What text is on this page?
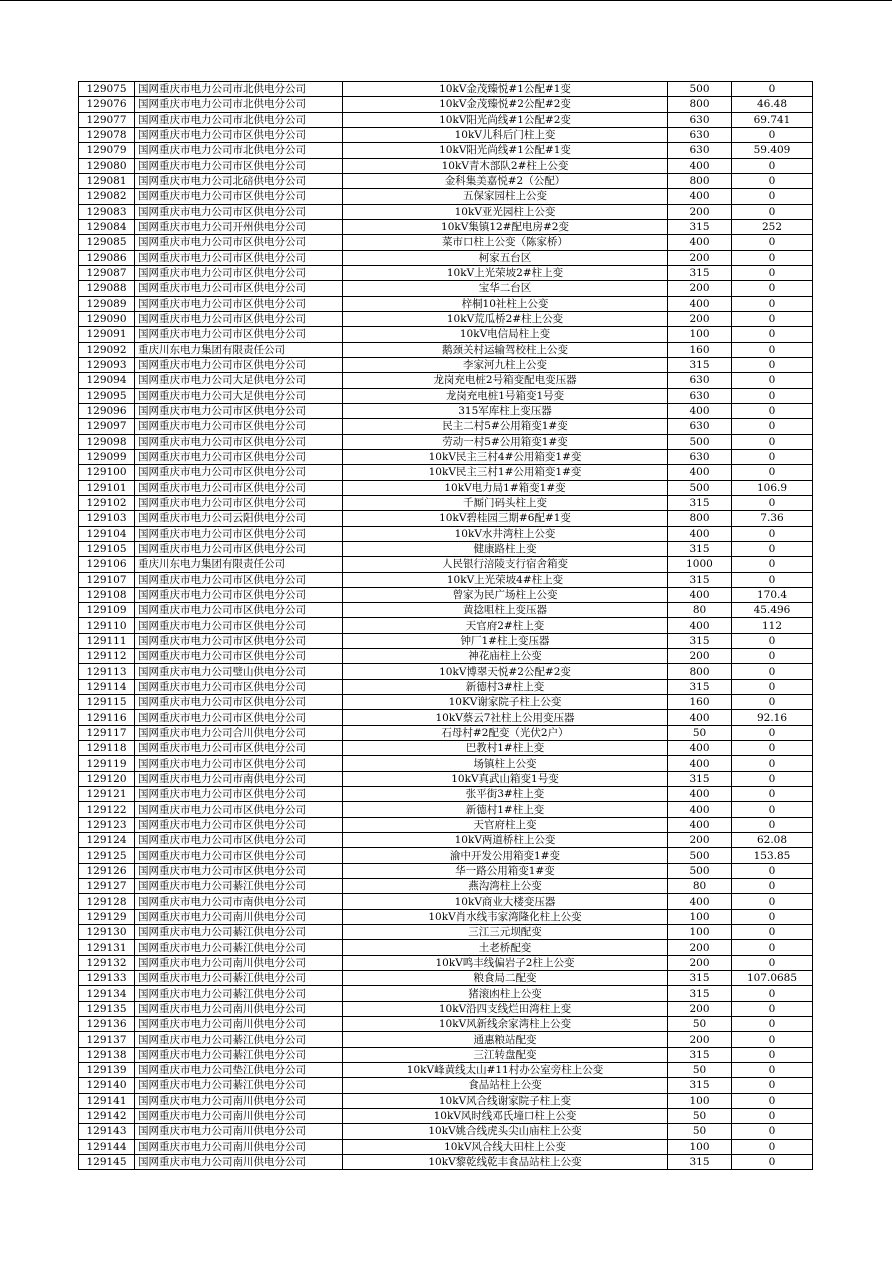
129075	国网重庆市电力公司市北供电分公司	10kV金茂臻悦#1公配#1变	500	0
129076	国网重庆市电力公司市北供电分公司	10kV金茂臻悦#2公配#2变	800	46.48
129077	国网重庆市电力公司市北供电分公司	10kV阳光尚线#1公配#2变	630	69.741
129078	国网重庆市电力公司市区供电分公司	10kV儿科后门柱上变	630	0
129079	国网重庆市电力公司市北供电分公司	10kV阳光尚线#1公配#1变	630	59.409
129080	国网重庆市电力公司市区供电分公司	10kV青木部队2#柱上公变	400	0
129081	国网重庆市电力公司北碚供电分公司	金科集美嘉悦#2（公配）	800	0
129082	国网重庆市电力公司市区供电分公司	五保家园柱上公变	400	0
129083	国网重庆市电力公司市区供电分公司	10kV亚光园柱上公变	200	0
129084	国网重庆市电力公司开州供电分公司	10kV集镇12#配电房#2变	315	252
129085	国网重庆市电力公司市区供电分公司	菜市口柱上公变（陈家桥）	400	0
129086	国网重庆市电力公司市区供电分公司	柯家五台区	200	0
129087	国网重庆市电力公司市区供电分公司	10kV上光荣坡2#柱上变	315	0
129088	国网重庆市电力公司市区供电分公司	宝华二台区	200	0
129089	国网重庆市电力公司市区供电分公司	梓桐10社柱上公变	400	0
129090	国网重庆市电力公司市区供电分公司	10kV荒瓜桥2#柱上公变	200	0
129091	国网重庆市电力公司市区供电分公司	10kV电信局柱上变	100	0
129092	重庆川东电力集团有限责任公司	鹅颈关村运输驾校柱上公变	160	0
129093	国网重庆市电力公司市区供电分公司	李家河九柱上公变	315	0
129094	国网重庆市电力公司大足供电分公司	龙岗充电桩2号箱变配电变压器	630	0
129095	国网重庆市电力公司大足供电分公司	龙岗充电桩1号箱变1号变	630	0
129096	国网重庆市电力公司市区供电分公司	315军库柱上变压器	400	0
129097	国网重庆市电力公司市区供电分公司	民主二村5#公用箱变1#变	630	0
129098	国网重庆市电力公司市区供电分公司	劳动一村5#公用箱变1#变	500	0
129099	国网重庆市电力公司市区供电分公司	10kV民主三村4#公用箱变1#变	630	0
129100	国网重庆市电力公司市区供电分公司	10kV民主三村1#公用箱变1#变	400	0
129101	国网重庆市电力公司市区供电分公司	10kV电力局1#箱变1#变	500	106.9
129102	国网重庆市电力公司市区供电分公司	千厮门码头柱上变	315	0
129103	国网重庆市电力公司云阳供电分公司	10kV碧桂园三期#6配#1变	800	7.36
129104	国网重庆市电力公司市区供电分公司	10kV水井湾柱上公变	400	0
129105	国网重庆市电力公司市区供电分公司	健康路柱上变	315	0
129106	重庆川东电力集团有限责任公司	人民银行涪陵支行宿舍箱变	1000	0
129107	国网重庆市电力公司市区供电分公司	10kV上光荣坡4#柱上变	315	0
129108	国网重庆市电力公司市区供电分公司	曾家为民广场柱上公变	400	170.4
129109	国网重庆市电力公司市区供电分公司	黄捻咀柱上变压器	80	45.496
129110	国网重庆市电力公司市区供电分公司	天官府2#柱上变	400	112
129111	国网重庆市电力公司市区供电分公司	钟厂1#柱上变压器	315	0
129112	国网重庆市电力公司市区供电分公司	神花庙柱上公变	200	0
129113	国网重庆市电力公司璧山供电分公司	10kV博翠天悦#2公配#2变	800	0
129114	国网重庆市电力公司市区供电分公司	新德村3#柱上变	315	0
129115	国网重庆市电力公司市区供电分公司	10KV谢家院子柱上公变	160	0
129116	国网重庆市电力公司市区供电分公司	10kV蔡云7社柱上公用变压器	400	92.16
129117	国网重庆市电力公司合川供电分公司	石母村#2配变（光伏2户）	50	0
129118	国网重庆市电力公司市区供电分公司	巴教村1#柱上变	400	0
129119	国网重庆市电力公司市区供电分公司	场镇柱上公变	400	0
129120	国网重庆市电力公司市南供电分公司	10kV真武山箱变1号变	315	0
129121	国网重庆市电力公司市区供电分公司	张平街3#柱上变	400	0
129122	国网重庆市电力公司市区供电分公司	新德村1#柱上变	400	0
129123	国网重庆市电力公司市区供电分公司	天官府柱上变	400	0
129124	国网重庆市电力公司市区供电分公司	10kV两道桥柱上公变	200	62.08
129125	国网重庆市电力公司市区供电分公司	渝中开发公用箱变1#变	500	153.85
129126	国网重庆市电力公司市区供电分公司	华一路公用箱变1#变	500	0
129127	国网重庆市电力公司綦江供电分公司	燕沟湾柱上公变	80	0
129128	国网重庆市电力公司市南供电分公司	10kV商业大楼变压器	400	0
129129	国网重庆市电力公司南川供电分公司	10kV肖水线韦家湾隆化柱上公变	100	0
129130	国网重庆市电力公司綦江供电分公司	三江三元坝配变	100	0
129131	国网重庆市电力公司綦江供电分公司	土老桥配变	200	0
129132	国网重庆市电力公司南川供电分公司	10kV鸣丰线偏岩子2柱上公变	200	0
129133	国网重庆市电力公司綦江供电分公司	粮食局二配变	315	107.0685
129134	国网重庆市电力公司綦江供电分公司	猪滚凼柱上公变	315	0
129135	国网重庆市电力公司南川供电分公司	10kV沿四支线烂田湾柱上变	200	0
129136	国网重庆市电力公司南川供电分公司	10kV风新线余家湾柱上公变	50	0
129137	国网重庆市电力公司綦江供电分公司	通惠粮站配变	200	0
129138	国网重庆市电力公司綦江供电分公司	三江转盘配变	315	0
129139	国网重庆市电力公司垫江供电分公司	10kV峰黄线太山#11村办公室旁柱上公变	50	0
129140	国网重庆市电力公司綦江供电分公司	食品站柱上公变	315	0
129141	国网重庆市电力公司南川供电分公司	10kV风合线谢家院子柱上变	100	0
129142	国网重庆市电力公司南川供电分公司	10kV风时线邓氏墥口柱上公变	50	0
129143	国网重庆市电力公司南川供电分公司	10kV姚合线虎头尖山庙柱上公变	50	0
129144	国网重庆市电力公司南川供电分公司	10kV风合线大田柱上公变	100	0
129145	国网重庆市电力公司南川供电分公司	10kV黎乾线乾丰食品站柱上公变	315	0
